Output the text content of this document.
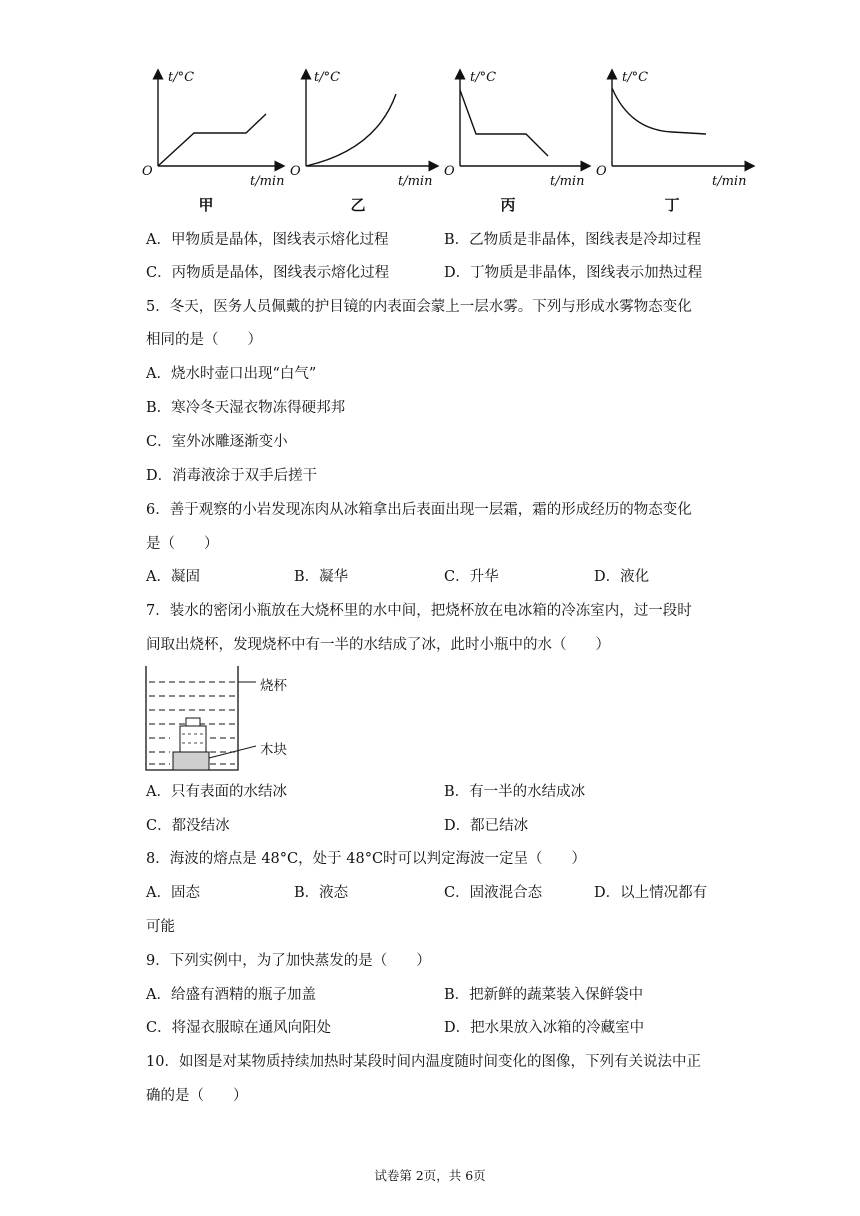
t/°C
O
t/min
甲
t/°C
O
t/min
乙
t/°C
O
t/min
丙
t/°C
O
t/min
丁
A．甲物质是晶体，图线表示熔化过程	B．乙物质是非晶体，图线表是冷却过程
C．丙物质是晶体，图线表示熔化过程	D．丁物质是非晶体，图线表示加热过程
5．冬天，医务人员佩戴的护目镜的内表面会蒙上一层水雾。下列与形成水雾物态变化
相同的是（　　）
A．烧水时壶口出现“白气”
B．寒冷冬天湿衣物冻得硬邦邦
C．室外冰雕逐渐变小
D．消毒液涂于双手后搓干
6．善于观察的小岩发现冻肉从冰箱拿出后表面出现一层霜，霜的形成经历的物态变化
是（　　）
A．凝固	B．凝华	C．升华	D．液化
7．装水的密闭小瓶放在大烧杯里的水中间，把烧杯放在电冰箱的冷冻室内，过一段时
间取出烧杯，发现烧杯中有一半的水结成了冰，此时小瓶中的水（　　）
烧杯
木块
A．只有表面的水结冰	B．有一半的水结成冰
C．都没结冰	D．都已结冰
8．海波的熔点是 48°C，处于 48°C时可以判定海波一定呈（　　）
A．固态	B．液态	C．固液混合态	D．以上情况都有
可能
9．下列实例中，为了加快蒸发的是（　　）
A．给盛有酒精的瓶子加盖	B．把新鲜的蔬菜装入保鲜袋中
C．将湿衣服晾在通风向阳处	D．把水果放入冰箱的冷藏室中
10．如图是对某物质持续加热时某段时间内温度随时间变化的图像，下列有关说法中正
确的是（　　）
试卷第 2页，共 6页
